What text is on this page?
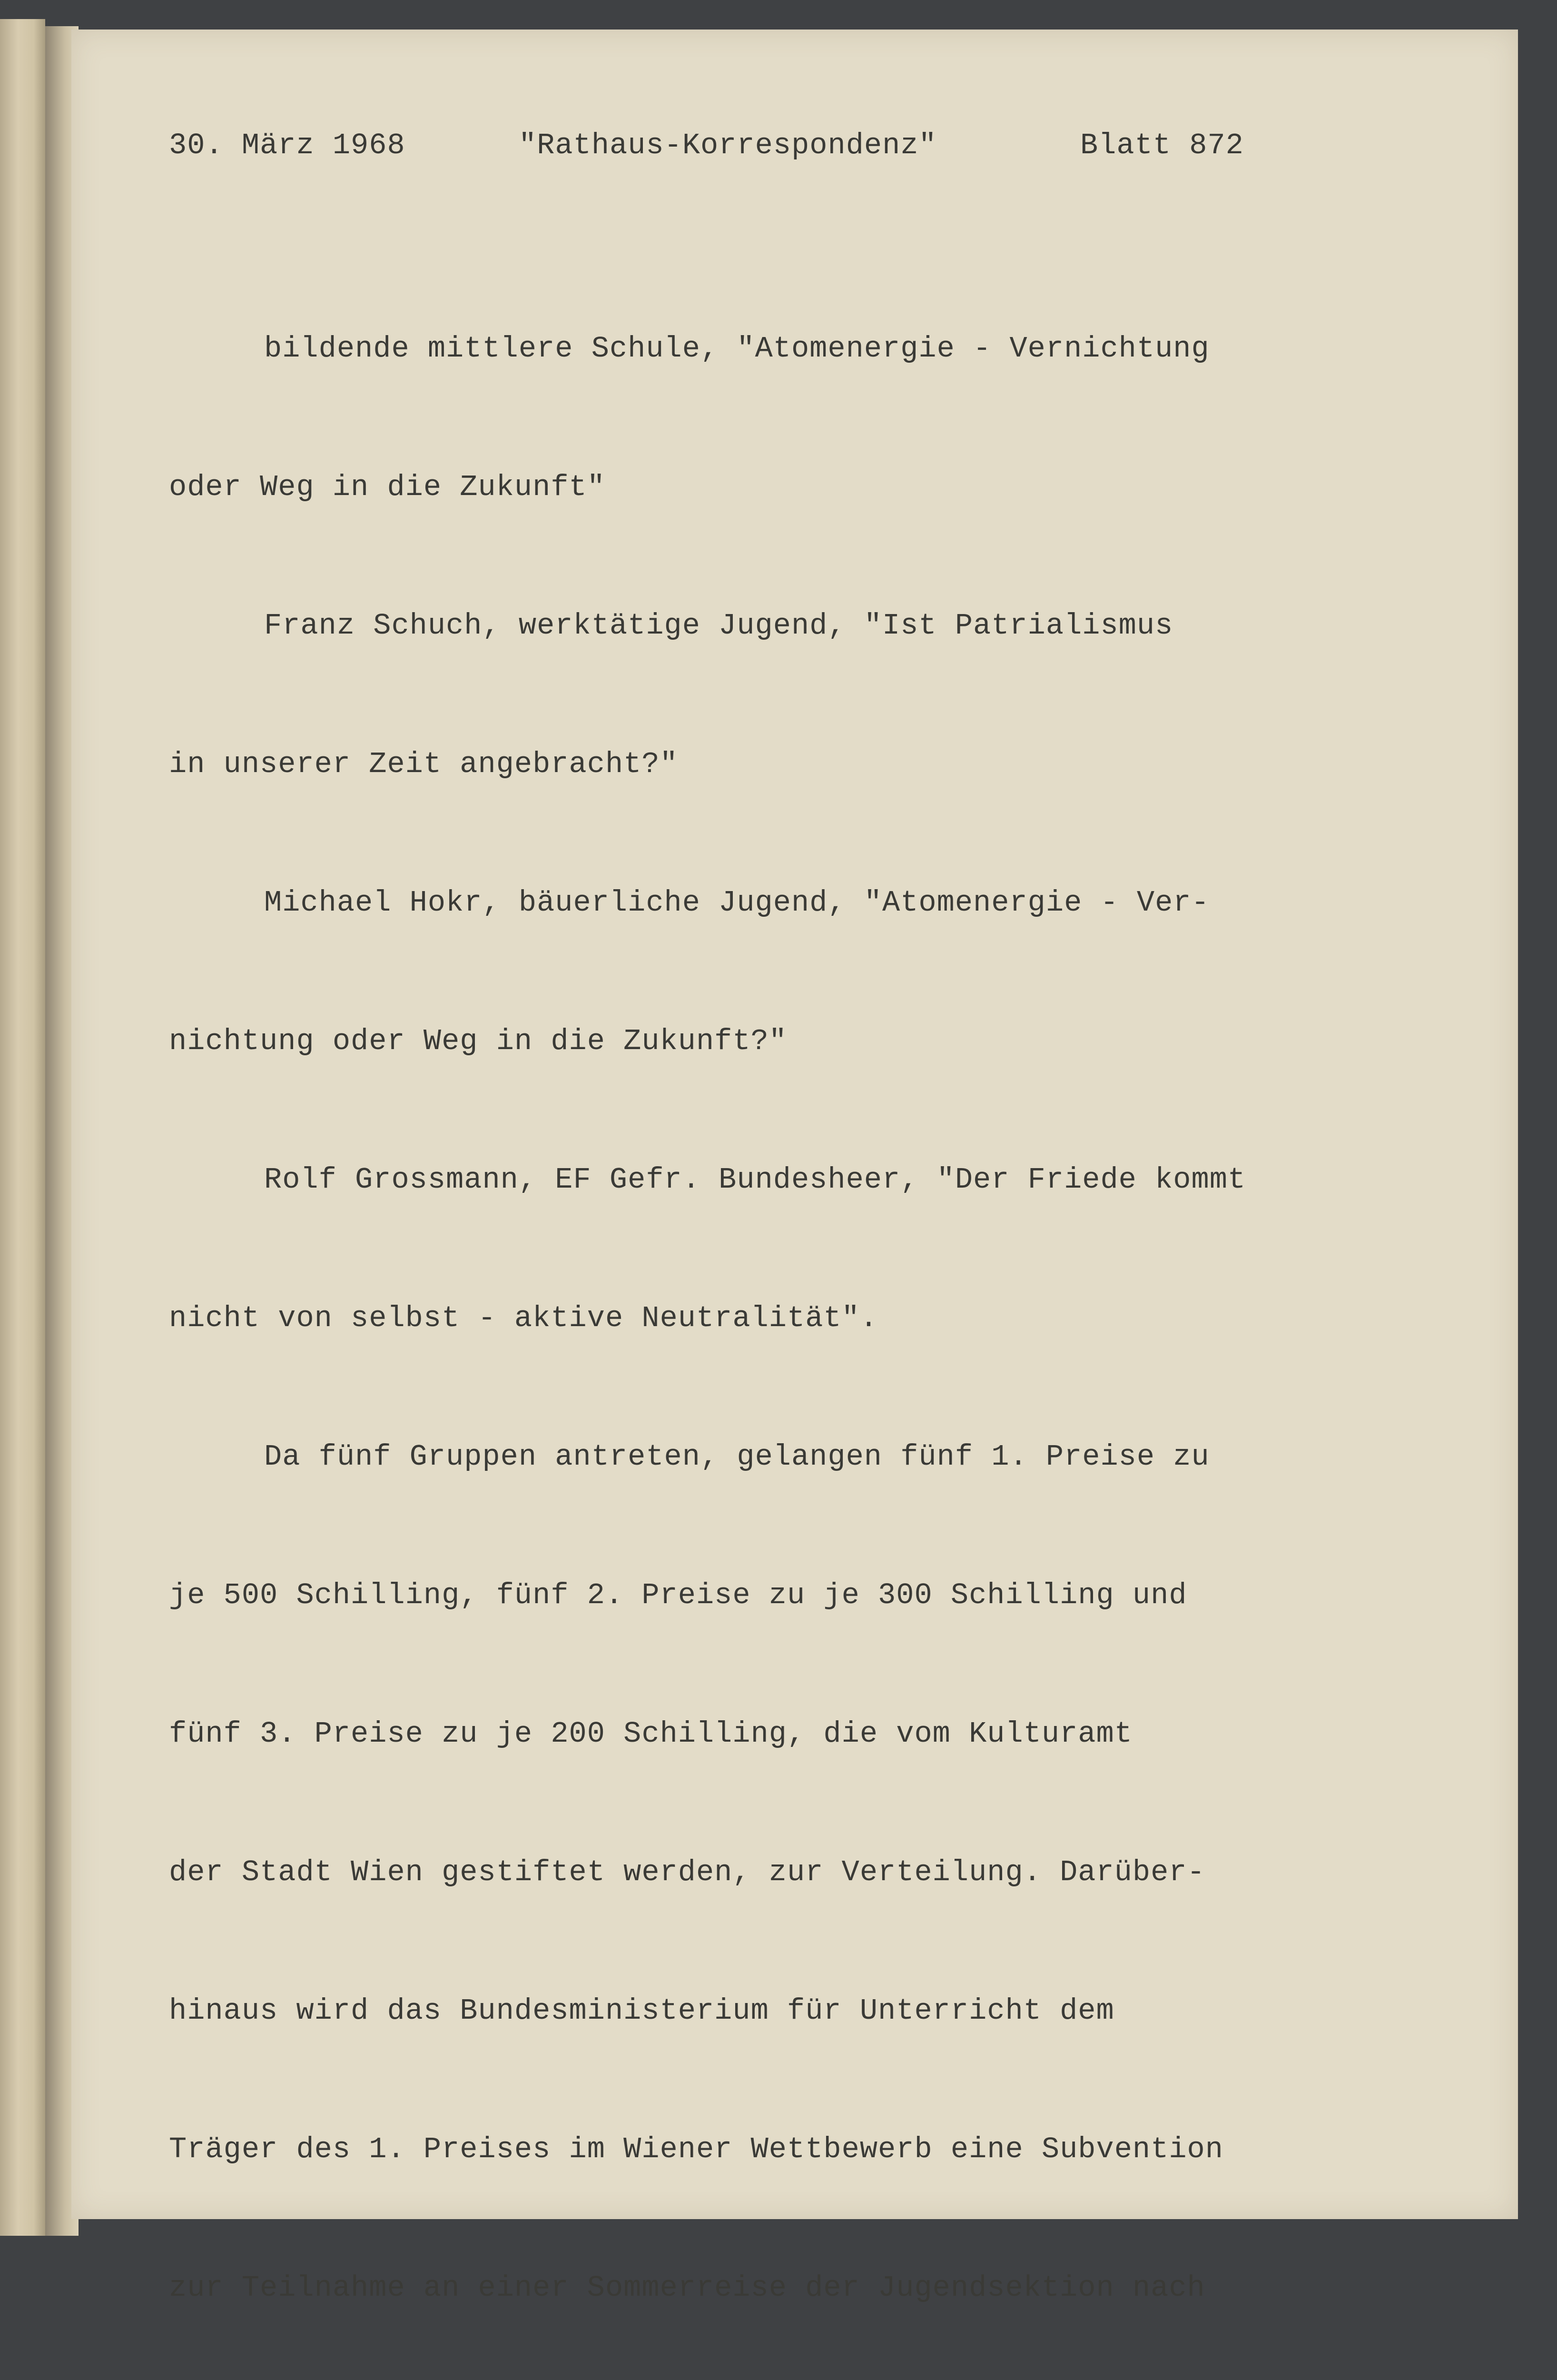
30. März 1968	"Rathaus-Korrespondenz"	Blatt 872

bildende mittlere Schule, "Atomenergie - Vernichtung

oder Weg in die Zukunft"

Franz Schuch, werktätige Jugend, "Ist Patrialismus

in unserer Zeit angebracht?"

Michael Hokr, bäuerliche Jugend, "Atomenergie - Ver-

nichtung oder Weg in die Zukunft?"

Rolf Grossmann, EF Gefr. Bundesheer, "Der Friede kommt

nicht von selbst - aktive Neutralität".

Da fünf Gruppen antreten, gelangen fünf 1. Preise zu

je 500 Schilling, fünf 2. Preise zu je 300 Schilling und

fünf 3. Preise zu je 200 Schilling, die vom Kulturamt

der Stadt Wien gestiftet werden, zur Verteilung. Darüber-

hinaus wird das Bundesministerium für Unterricht dem

Träger des 1. Preises im Wiener Wettbewerb eine Subvention

zur Teilnahme an einer Sommerreise der Jugendsektion nach
